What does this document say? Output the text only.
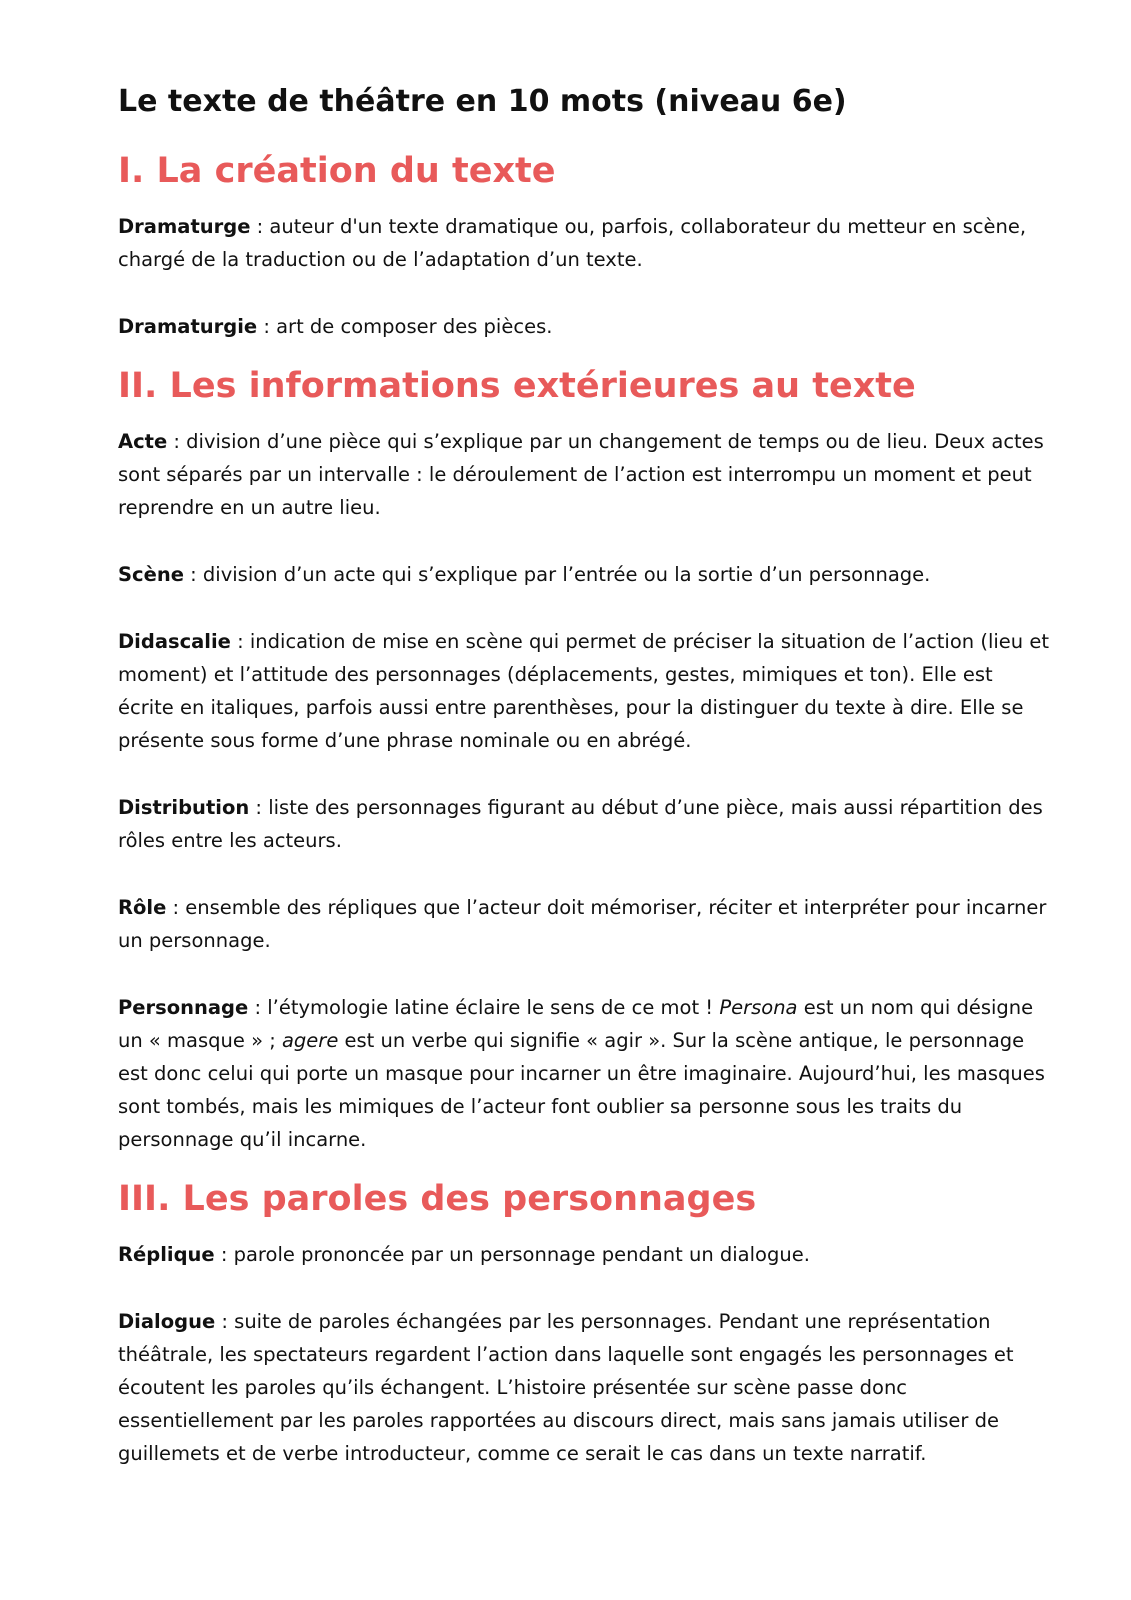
Le texte de théâtre en 10 mots (niveau 6e)
I. La création du texte

Dramaturge : auteur d'un texte dramatique ou, parfois, collaborateur du metteur en scène, chargé de la traduction ou de l’adaptation d’un texte.

Dramaturgie : art de composer des pièces.

II. Les informations extérieures au texte

Acte : division d’une pièce qui s’explique par un changement de temps ou de lieu. Deux actes sont séparés par un intervalle : le déroulement de l’action est interrompu un moment et peut reprendre en un autre lieu.

Scène : division d’un acte qui s’explique par l’entrée ou la sortie d’un personnage.

Didascalie : indication de mise en scène qui permet de préciser la situation de l’action (lieu et moment) et l’attitude des personnages (déplacements, gestes, mimiques et ton). Elle est écrite en italiques, parfois aussi entre parenthèses, pour la distinguer du texte à dire. Elle se présente sous forme d’une phrase nominale ou en abrégé.

Distribution : liste des personnages figurant au début d’une pièce, mais aussi répartition des rôles entre les acteurs.

Rôle : ensemble des répliques que l’acteur doit mémoriser, réciter et interpréter pour incarner un personnage.

Personnage : l’étymologie latine éclaire le sens de ce mot ! Persona est un nom qui désigne un « masque » ; agere est un verbe qui signifie « agir ». Sur la scène antique, le personnage est donc celui qui porte un masque pour incarner un être imaginaire. Aujourd’hui, les masques sont tombés, mais les mimiques de l’acteur font oublier sa personne sous les traits du personnage qu’il incarne.

III. Les paroles des personnages

Réplique : parole prononcée par un personnage pendant un dialogue.

Dialogue : suite de paroles échangées par les personnages. Pendant une représentation théâtrale, les spectateurs regardent l’action dans laquelle sont engagés les personnages et écoutent les paroles qu’ils échangent. L’histoire présentée sur scène passe donc essentiellement par les paroles rapportées au discours direct, mais sans jamais utiliser de guillemets et de verbe introducteur, comme ce serait le cas dans un texte narratif.
